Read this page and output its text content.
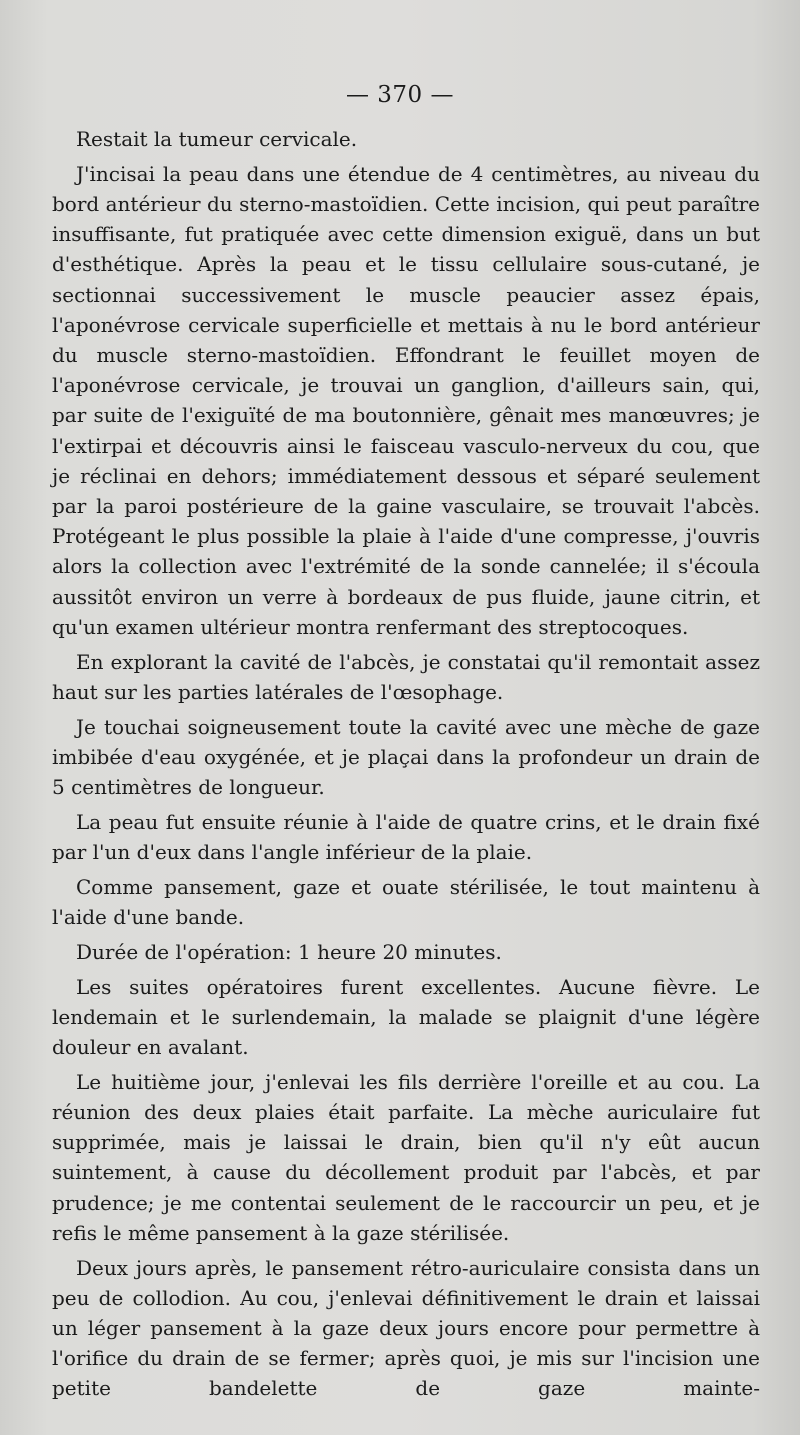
— 370 —

Restait la tumeur cervicale.

J'incisai la peau dans une étendue de 4 centimètres, au niveau du bord antérieur du sterno-mastoïdien. Cette incision, qui peut paraître insuffisante, fut pratiquée avec cette dimension exiguë, dans un but d'esthétique. Après la peau et le tissu cellulaire sous-cutané, je sectionnai successivement le muscle peaucier assez épais, l'aponévrose cervicale superficielle et mettais à nu le bord antérieur du muscle sterno-mastoïdien. Effondrant le feuillet moyen de l'aponévrose cervicale, je trouvai un ganglion, d'ailleurs sain, qui, par suite de l'exiguïté de ma boutonnière, gênait mes manœuvres; je l'extirpai et découvris ainsi le faisceau vasculo-nerveux du cou, que je réclinai en dehors; immédiatement dessous et séparé seulement par la paroi postérieure de la gaine vasculaire, se trouvait l'abcès. Protégeant le plus possible la plaie à l'aide d'une compresse, j'ouvris alors la collection avec l'extrémité de la sonde cannelée; il s'écoula aussitôt environ un verre à bordeaux de pus fluide, jaune citrin, et qu'un examen ultérieur montra renfermant des streptocoques.

En explorant la cavité de l'abcès, je constatai qu'il remontait assez haut sur les parties latérales de l'œsophage.

Je touchai soigneusement toute la cavité avec une mèche de gaze imbibée d'eau oxygénée, et je plaçai dans la profondeur un drain de 5 centimètres de longueur.

La peau fut ensuite réunie à l'aide de quatre crins, et le drain fixé par l'un d'eux dans l'angle inférieur de la plaie.

Comme pansement, gaze et ouate stérilisée, le tout maintenu à l'aide d'une bande.

Durée de l'opération: 1 heure 20 minutes.

Les suites opératoires furent excellentes. Aucune fièvre. Le lendemain et le surlendemain, la malade se plaignit d'une légère douleur en avalant.

Le huitième jour, j'enlevai les fils derrière l'oreille et au cou. La réunion des deux plaies était parfaite. La mèche auriculaire fut supprimée, mais je laissai le drain, bien qu'il n'y eût aucun suintement, à cause du décollement produit par l'abcès, et par prudence; je me contentai seulement de le raccourcir un peu, et je refis le même pansement à la gaze stérilisée.

Deux jours après, le pansement rétro-auriculaire consista dans un peu de collodion. Au cou, j'enlevai définitivement le drain et laissai un léger pansement à la gaze deux jours encore pour permettre à l'orifice du drain de se fermer; après quoi, je mis sur l'incision une petite bandelette de gaze mainte-
